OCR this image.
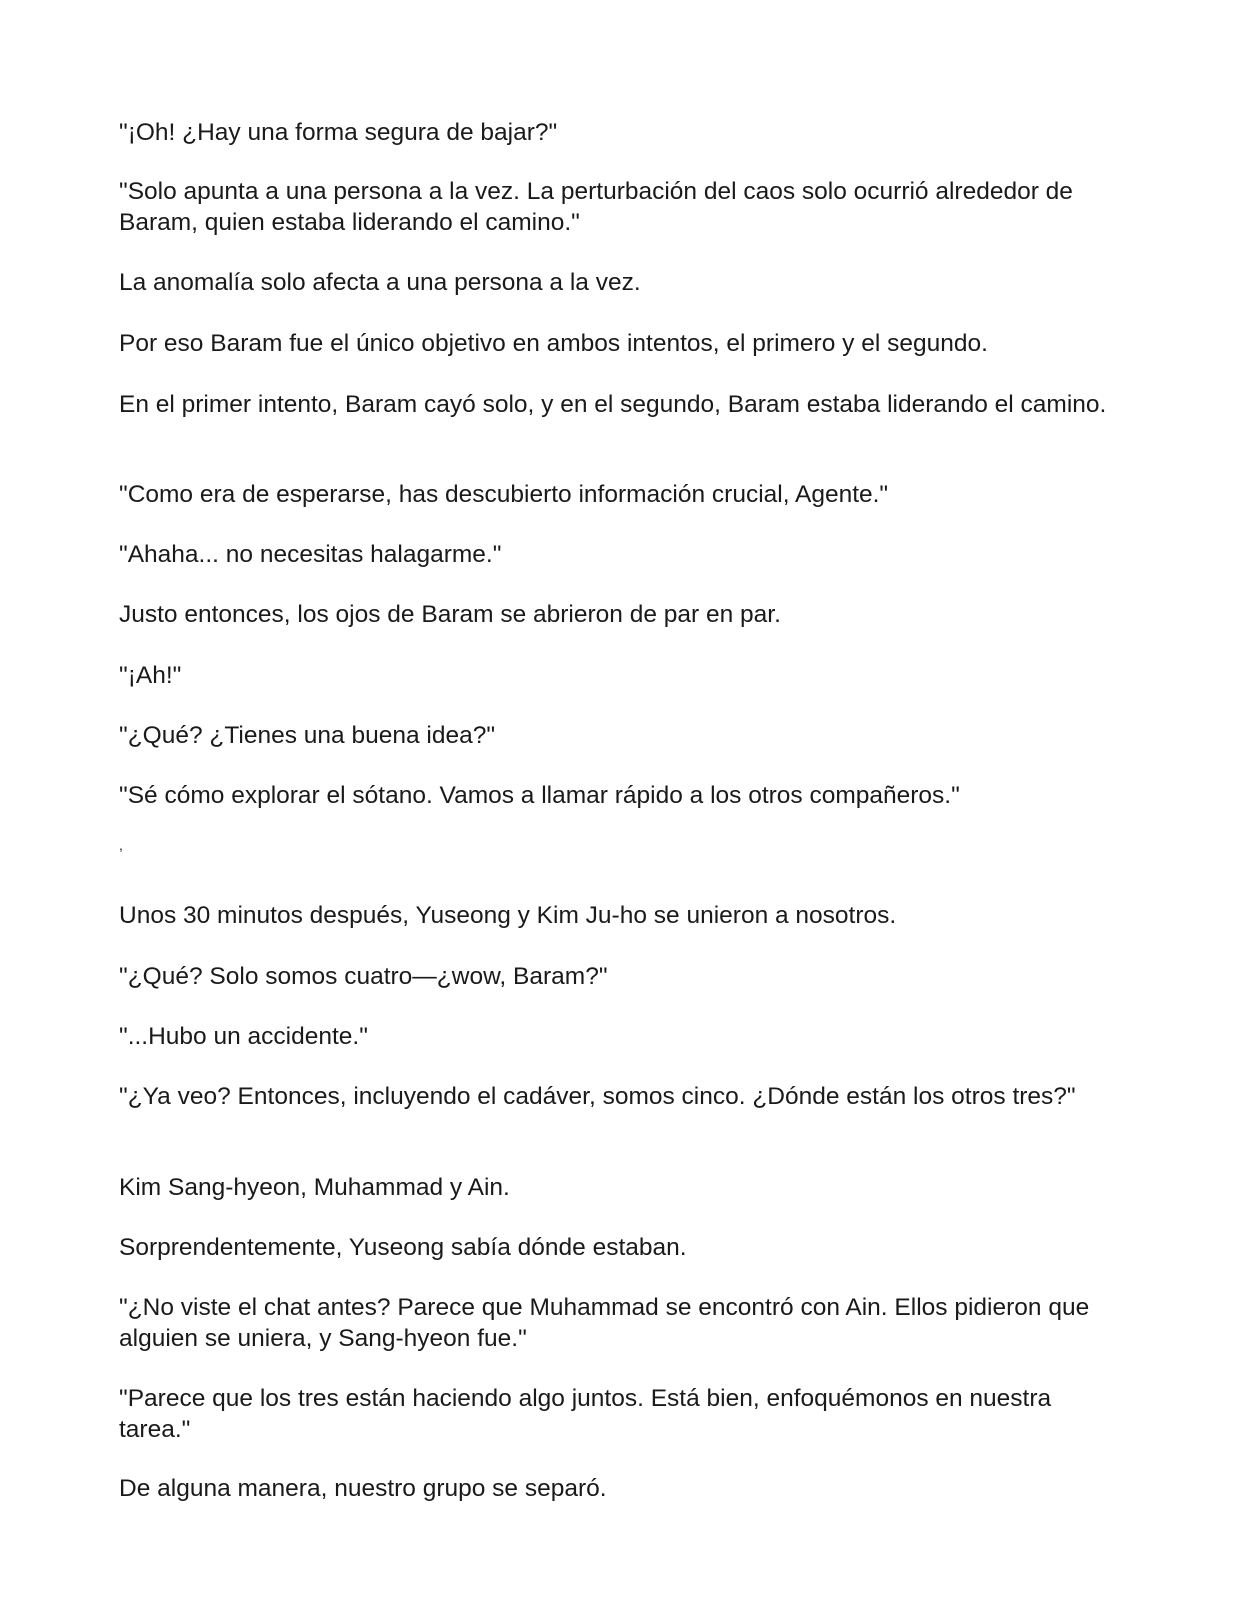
"¡Oh! ¿Hay una forma segura de bajar?"

"Solo apunta a una persona a la vez. La perturbación del caos solo ocurrió alrededor de Baram, quien estaba liderando el camino."

La anomalía solo afecta a una persona a la vez.

Por eso Baram fue el único objetivo en ambos intentos, el primero y el segundo.

En el primer intento, Baram cayó solo, y en el segundo, Baram estaba liderando el camino.

"Como era de esperarse, has descubierto información crucial, Agente."

"Ahaha... no necesitas halagarme."

Justo entonces, los ojos de Baram se abrieron de par en par.

"¡Ah!"

"¿Qué? ¿Tienes una buena idea?"

"Sé cómo explorar el sótano. Vamos a llamar rápido a los otros compañeros."

,

Unos 30 minutos después, Yuseong y Kim Ju-ho se unieron a nosotros.

"¿Qué? Solo somos cuatro—¿wow, Baram?"

"...Hubo un accidente."

"¿Ya veo? Entonces, incluyendo el cadáver, somos cinco. ¿Dónde están los otros tres?"

Kim Sang-hyeon, Muhammad y Ain.

Sorprendentemente, Yuseong sabía dónde estaban.

"¿No viste el chat antes? Parece que Muhammad se encontró con Ain. Ellos pidieron que alguien se uniera, y Sang-hyeon fue."

"Parece que los tres están haciendo algo juntos. Está bien, enfoquémonos en nuestra tarea."

De alguna manera, nuestro grupo se separó.
